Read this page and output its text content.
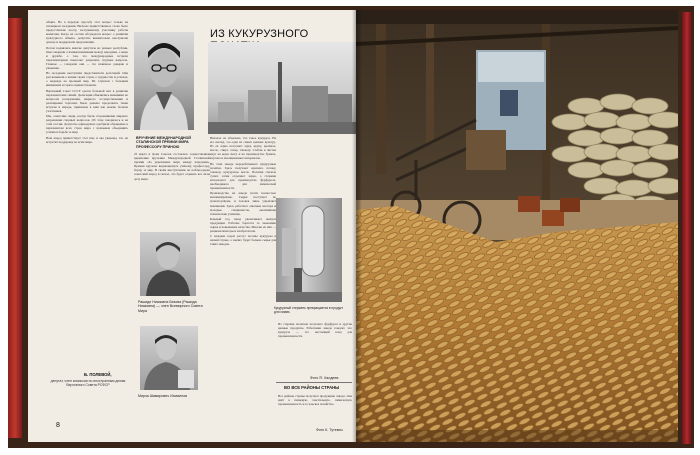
общих. Но я передаю просьбу этот вопрос только на пленарном заседании. Вначале приветственное слово было предоставлено послу, заслуженному участнику работы комиссии. Когда на сессии обсуждался вопрос о развитии культурного обмена, депутаты внимательно выслушали доклад и поддержали предложения.

Потом поднялись многие депутаты из разных республик. Они говорили о взаимопонимании между народами, о мире и дружбе, о том, что международные встречи парламентариев помогают разрешать трудные вопросы. Главное — говорили они — это взаимное доверие и уважение.

На заседании выступили представители делегаций. Они рассказывали о жизни своих стран, о трудностях и успехах, о надежде на прочный мир. Их слушали с большим вниманием и горячо приветствовали.

Верховный Совет СССР сделал большой шаг в развитии парламентских связей. Делегации обменялись мнениями по вопросам разоружения, мирного сосуществования и расширения торговли. Было решено продолжать такие встречи и впредь, привлекая к ним как можно больше участников.

Мы, советские люди, всегда были сторонниками мирного разрешения спорных вопросов. Об этом говорилось и на этой сессии. Депутаты единодушно одобрили обращение к парламентам всех стран мира с призывом объединить усилия в борьбе за мир.

Наш народ приветствует этот шаг, и мы уверены, что он встретит поддержку во всём мире.

Б. ПОЛЕВОЙ,
депутат, член комиссии по иностранным делам Верховного Совета РСФСР
8
ИЗ КУКУРУЗНОГО
ВРУЧЕНИЕ МЕЖДУНАРОДНОЙ СТАЛИНСКОЙ ПРЕМИИ МИРА ПРОФЕССОРУ ПРИНОЮ

25 марта в Доме Союзов состоялась торжественная церемония вручения Международной Сталинской премии «За укрепление мира между народами». Премия вручена выдающемуся учёному, профессору, борцу за мир. В своём выступлении он поблагодарил советский народ и сказал, что будет отдавать все силы делу мира.

Рашиде Ниазовна Бекова (Рашида Ниязовна) — член Всемирного Совета Мира
Мирза Шамирович Исмаилов

Вначале он объяснил, что такое кукуруза. На его взгляд, это одна из самых ценных культур. Из её зерна получают муку, крупу, крахмал, масло, спирт, сахар, глюкозу. Стебли и листья идут на корм скоту и на производство бумаги, картона и изоляционных материалов.

На этом заводе перерабатывают кукурузные початки. Здесь получают крахмал, патоку, глюкозу, кукурузное масло. Початки сначала сушат, затем отделяют зерно, а стержни используют для производства фурфурола, необходимого для химической промышленности.

Производство на заводе почти полностью механизировано. Сырьё поступает по транспортёрам, и человек лишь управляет машинами. Здесь работают опытные мастера и молодые специалисты, окончившие технические училища.

Каждый год завод увеличивает выпуск продукции. Рабочие борются за экономию сырья и повышение качества. Многие из них — рационализаторы и изобретатели.

С каждым годом растут посевы кукурузы в нашей стране, а значит, будет больше сырья для таких заводов.

Кукурузный стержень превращается в продукт для химии.

Из стержня початков получают фурфурол и другие ценные продукты. Работники завода говорят, что кукуруза — это настоящий клад для промышленности.

Фото Я. Халдеев.
ВО ВСЕ РАЙОНЫ СТРАНЫ

Все районы страны получают продукцию завода. Она идёт в пищевую, текстильную, химическую промышленность и в сельское хозяйство.

Фото К. Тутевич.
